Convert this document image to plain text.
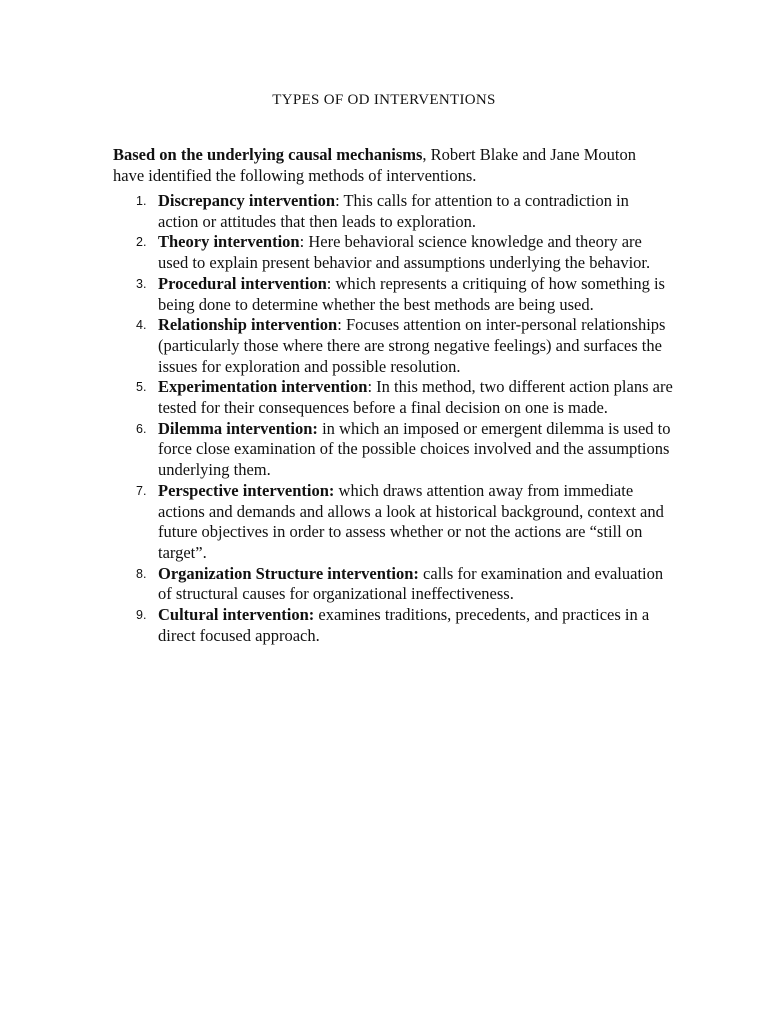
TYPES OF OD INTERVENTIONS

Based on the underlying causal mechanisms, Robert Blake and Jane Mouton have identified the following methods of interventions.

1. Discrepancy intervention: This calls for attention to a contradiction in action or attitudes that then leads to exploration.
2. Theory intervention: Here behavioral science knowledge and theory are used to explain present behavior and assumptions underlying the behavior.
3. Procedural intervention: which represents a critiquing of how something is being done to determine whether the best methods are being used.
4. Relationship intervention: Focuses attention on inter-personal relationships (particularly those where there are strong negative feelings) and surfaces the issues for exploration and possible resolution.
5. Experimentation intervention: In this method, two different action plans are tested for their consequences before a final decision on one is made.
6. Dilemma intervention: in which an imposed or emergent dilemma is used to force close examination of the possible choices involved and the assumptions underlying them.
7. Perspective intervention: which draws attention away from immediate actions and demands and allows a look at historical background, context and future objectives in order to assess whether or not the actions are “still on target”.
8. Organization Structure intervention: calls for examination and evaluation of structural causes for organizational ineffectiveness.
9. Cultural intervention: examines traditions, precedents, and practices in a direct focused approach.
